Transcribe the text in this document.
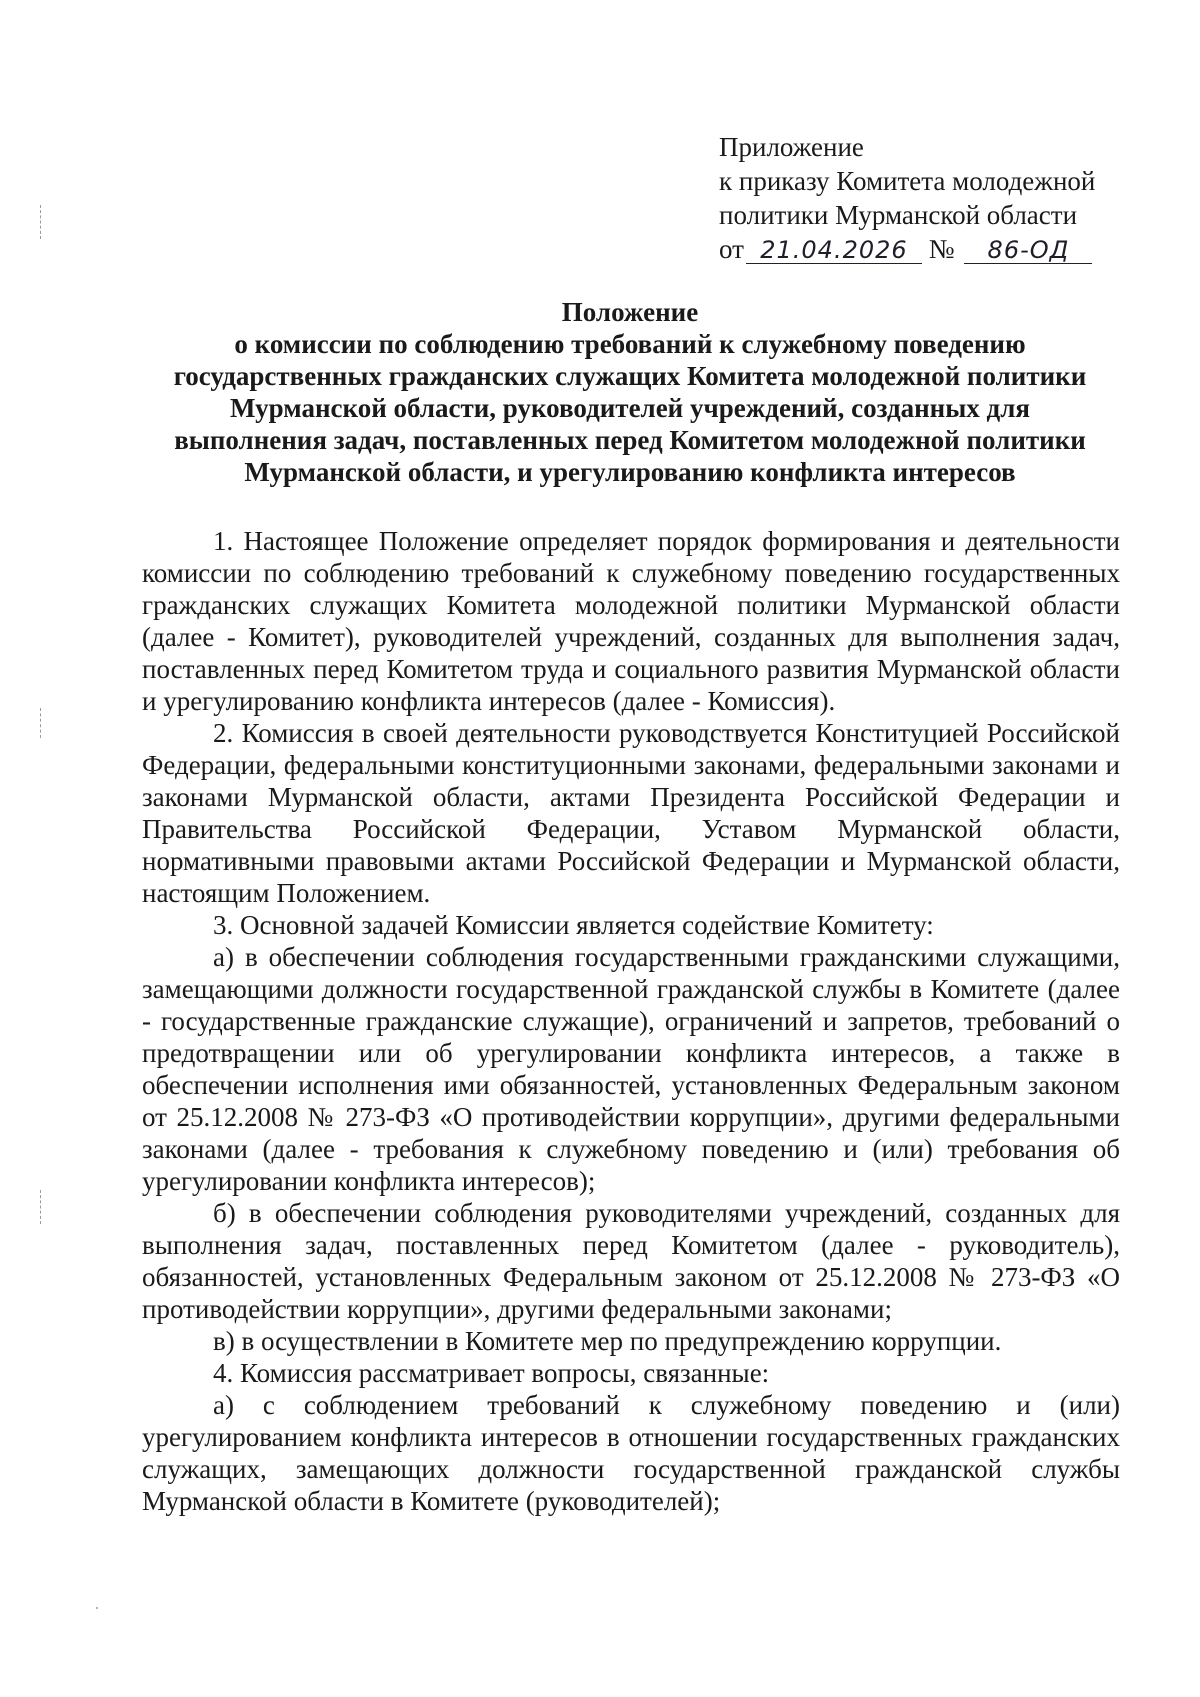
Приложение
к приказу Комитета молодежной
политики Мурманской области
от 21.04.2026 № 86-ОД
Положение
о комиссии по соблюдению требований к служебному поведению
государственных гражданских служащих Комитета молодежной политики
Мурманской области, руководителей учреждений, созданных для
выполнения задач, поставленных перед Комитетом молодежной политики
Мурманской области, и урегулированию конфликта интересов

1. Настоящее Положение определяет порядок формирования и деятельности комиссии по соблюдению требований к служебному поведению государственных гражданских служащих Комитета молодежной политики Мурманской области (далее - Комитет), руководителей учреждений, созданных для выполнения задач, поставленных перед Комитетом труда и социального развития Мурманской области и урегулированию конфликта интересов (далее - Комиссия).

2. Комиссия в своей деятельности руководствуется Конституцией Российской Федерации, федеральными конституционными законами, федеральными законами и законами Мурманской области, актами Президента Российской Федерации и Правительства Российской Федерации, Уставом Мурманской области, нормативными правовыми актами Российской Федерации и Мурманской области, настоящим Положением.

3. Основной задачей Комиссии является содействие Комитету:

а) в обеспечении соблюдения государственными гражданскими служащими, замещающими должности государственной гражданской службы в Комитете (далее - государственные гражданские служащие), ограничений и запретов, требований о предотвращении или об урегулировании конфликта интересов, а также в обеспечении исполнения ими обязанностей, установленных Федеральным законом от 25.12.2008 № 273-ФЗ «О противодействии коррупции», другими федеральными законами (далее - требования к служебному поведению и (или) требования об урегулировании конфликта интересов);

б) в обеспечении соблюдения руководителями учреждений, созданных для выполнения задач, поставленных перед Комитетом (далее - руководитель), обязанностей, установленных Федеральным законом от 25.12.2008 № 273-ФЗ «О противодействии коррупции», другими федеральными законами;

в) в осуществлении в Комитете мер по предупреждению коррупции.

4. Комиссия рассматривает вопросы, связанные:

а) с соблюдением требований к служебному поведению и (или) урегулированием конфликта интересов в отношении государственных гражданских служащих, замещающих должности государственной гражданской службы Мурманской области в Комитете (руководителей);
